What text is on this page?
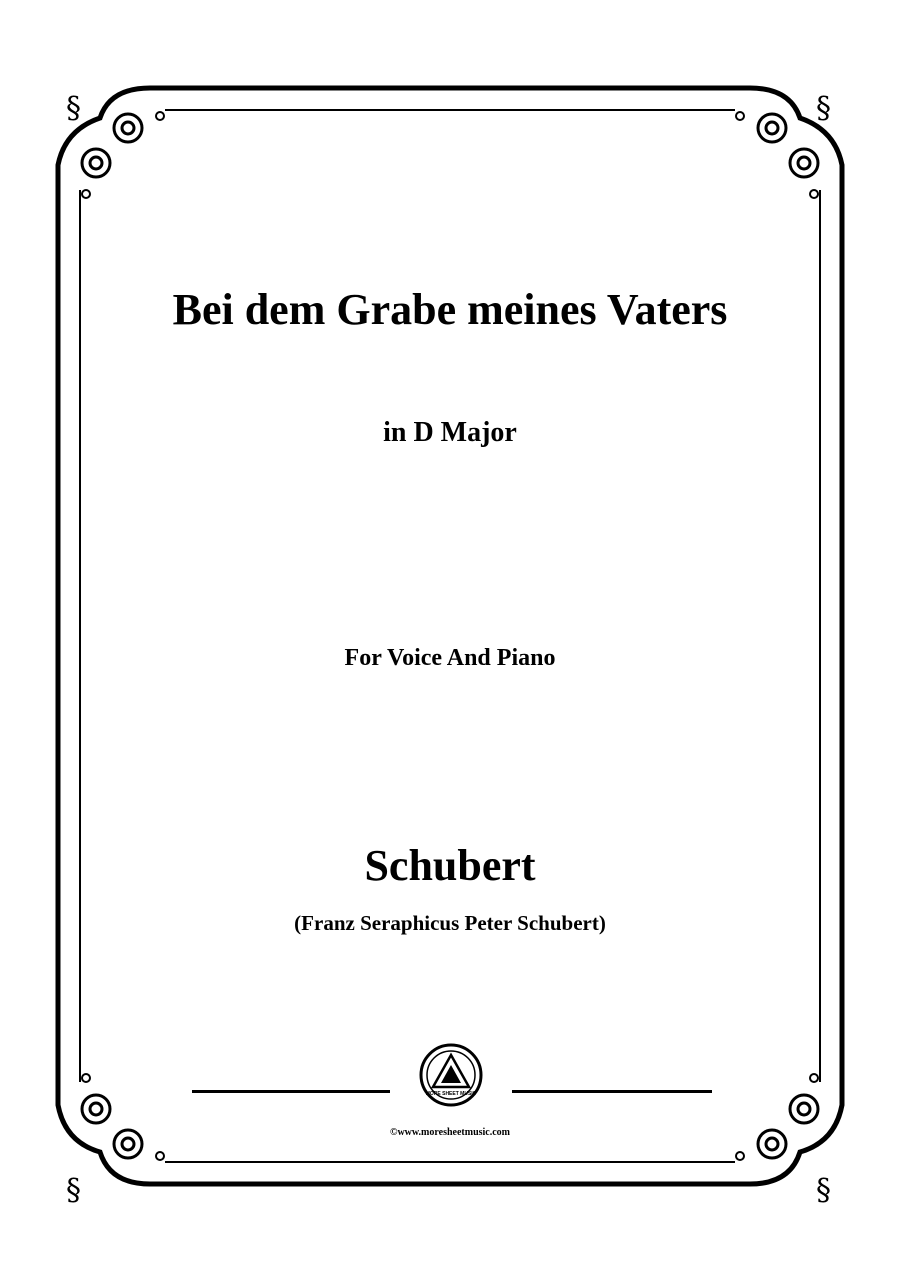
§	§
§	§
Bei dem Grabe meines Vaters
in D Major
For Voice And Piano
Schubert
(Franz Seraphicus Peter Schubert)
MORE SHEET MUSIC
©www.moresheetmusic.com
